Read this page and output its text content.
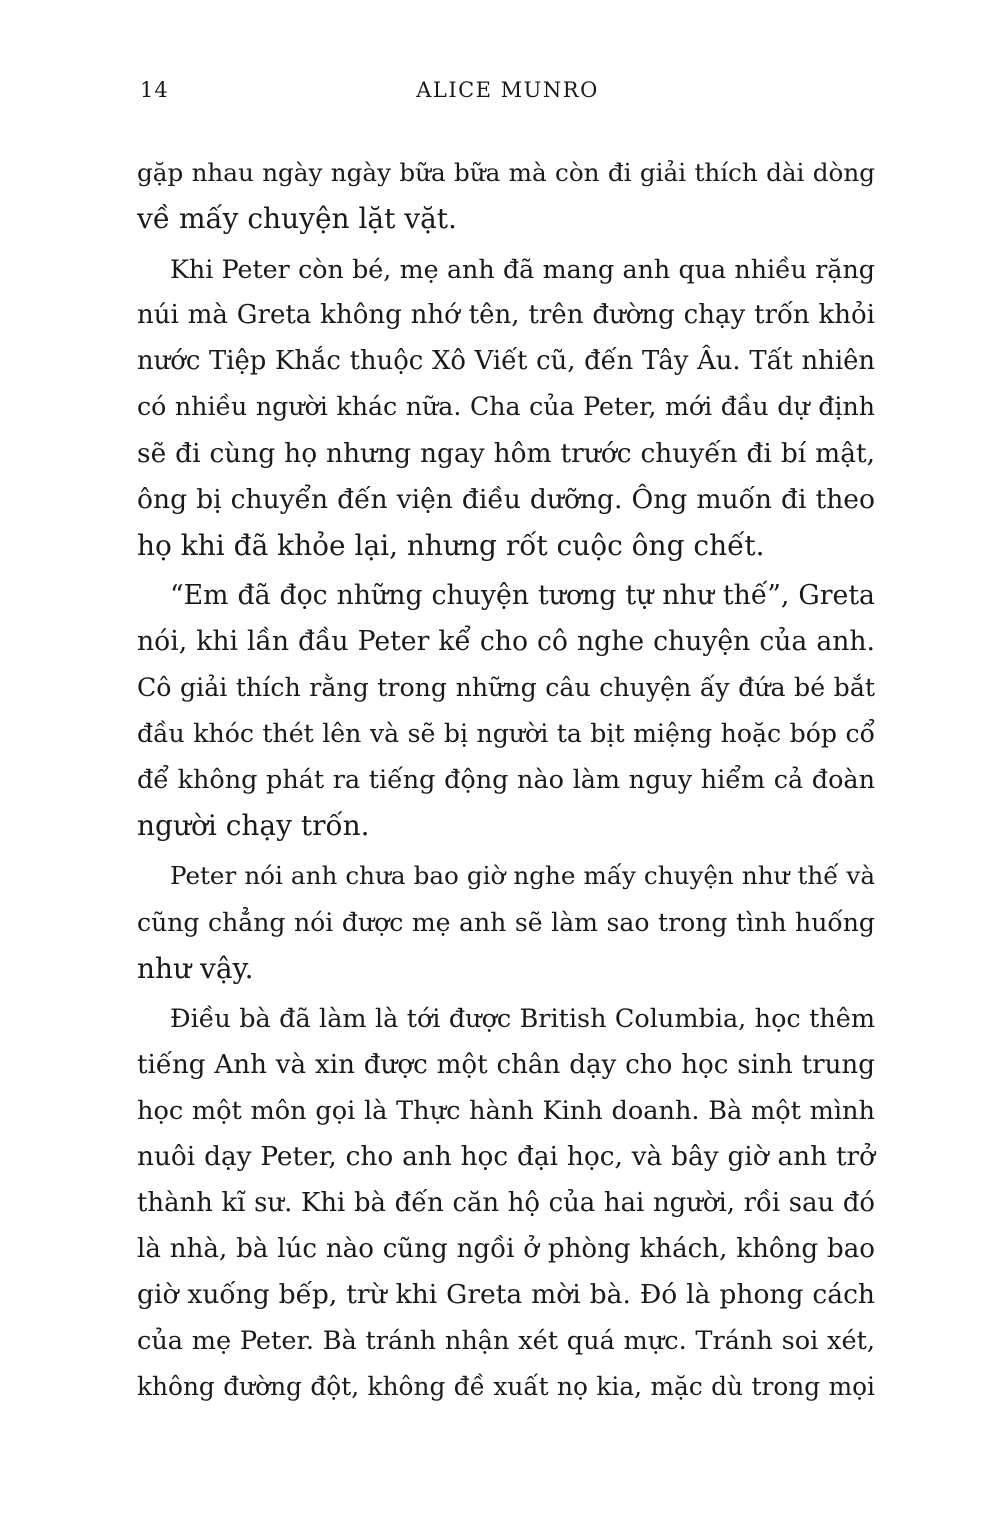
14	ALICE MUNRO
gặp nhau ngày ngày bữa bữa mà còn đi giải thích dài dòng
về mấy chuyện lặt vặt.
Khi Peter còn bé, mẹ anh đã mang anh qua nhiều rặng
núi mà Greta không nhớ tên, trên đường chạy trốn khỏi
nước Tiệp Khắc thuộc Xô Viết cũ, đến Tây Âu. Tất nhiên
có nhiều người khác nữa. Cha của Peter, mới đầu dự định
sẽ đi cùng họ nhưng ngay hôm trước chuyến đi bí mật,
ông bị chuyển đến viện điều dưỡng. Ông muốn đi theo
họ khi đã khỏe lại, nhưng rốt cuộc ông chết.
“Em đã đọc những chuyện tương tự như thế”, Greta
nói, khi lần đầu Peter kể cho cô nghe chuyện của anh.
Cô giải thích rằng trong những câu chuyện ấy đứa bé bắt
đầu khóc thét lên và sẽ bị người ta bịt miệng hoặc bóp cổ
để không phát ra tiếng động nào làm nguy hiểm cả đoàn
người chạy trốn.
Peter nói anh chưa bao giờ nghe mấy chuyện như thế và
cũng chẳng nói được mẹ anh sẽ làm sao trong tình huống
như vậy.
Điều bà đã làm là tới được British Columbia, học thêm
tiếng Anh và xin được một chân dạy cho học sinh trung
học một môn gọi là Thực hành Kinh doanh. Bà một mình
nuôi dạy Peter, cho anh học đại học, và bây giờ anh trở
thành kĩ sư. Khi bà đến căn hộ của hai người, rồi sau đó
là nhà, bà lúc nào cũng ngồi ở phòng khách, không bao
giờ xuống bếp, trừ khi Greta mời bà. Đó là phong cách
của mẹ Peter. Bà tránh nhận xét quá mực. Tránh soi xét,
không đường đột, không đề xuất nọ kia, mặc dù trong mọi
